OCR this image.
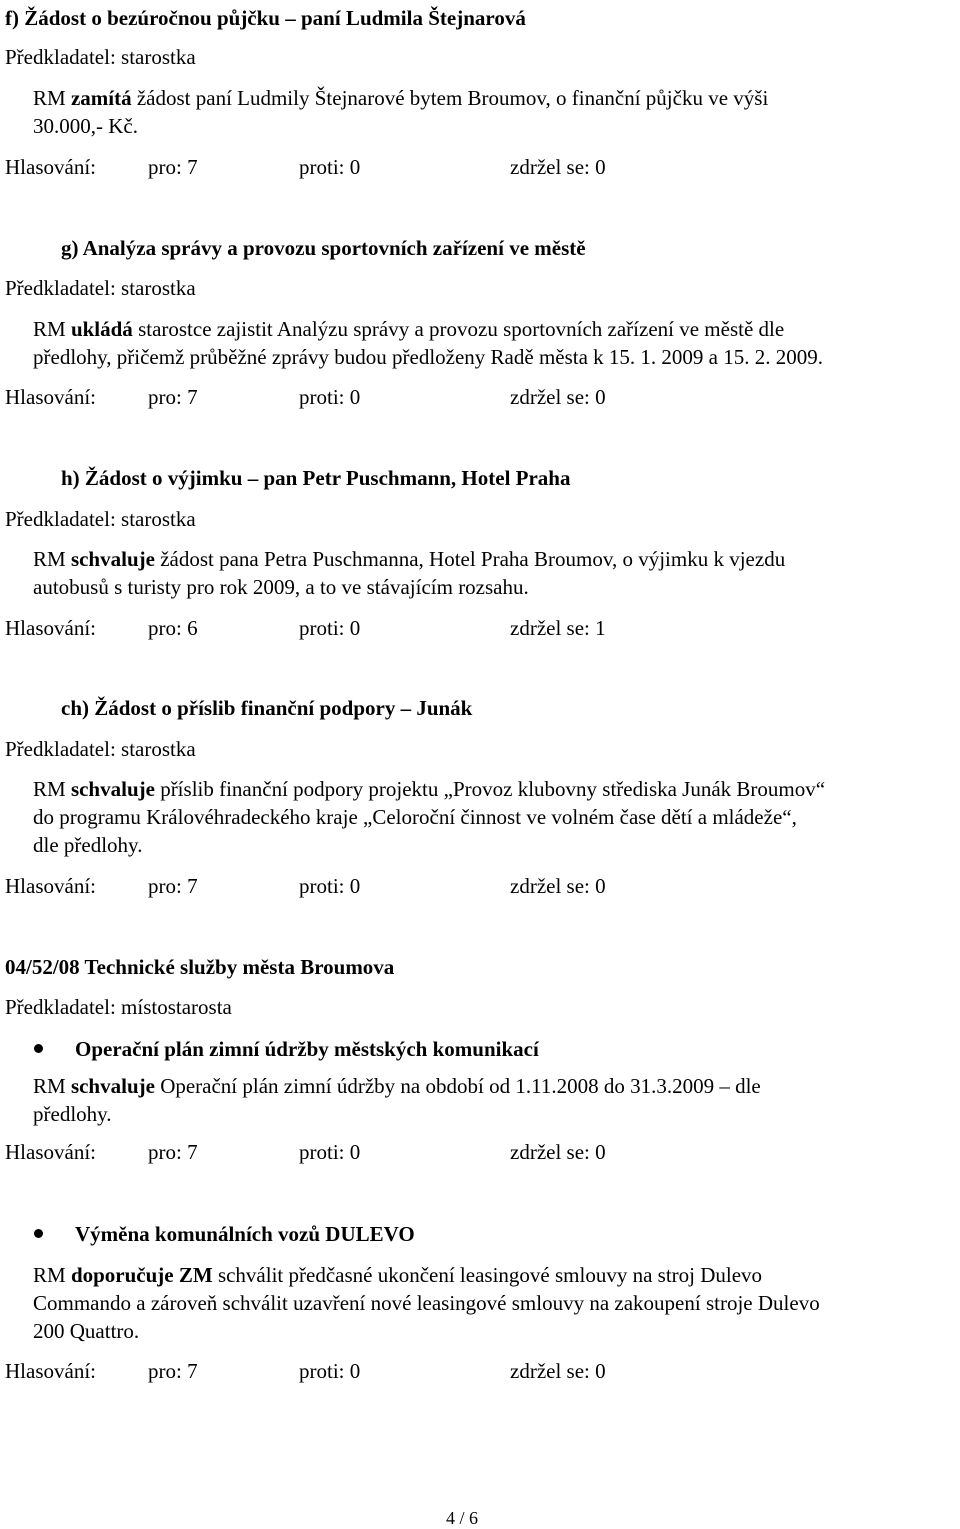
f) Žádost o bezúročnou půjčku – paní Ludmila Štejnarová
Předkladatel: starostka
RM zamítá žádost paní Ludmily Štejnarové bytem Broumov, o finanční půjčku ve výši
30.000,- Kč.
Hlasování: pro: 7	proti: 0	zdržel se: 0
g) Analýza správy a provozu sportovních zařízení ve městě
Předkladatel: starostka
RM ukládá starostce zajistit Analýzu správy a provozu sportovních zařízení ve městě dle
předlohy, přičemž průběžné zprávy budou předloženy Radě města k 15. 1. 2009 a 15. 2. 2009.
Hlasování: pro: 7	proti: 0	zdržel se: 0
h) Žádost o výjimku – pan Petr Puschmann, Hotel Praha
Předkladatel: starostka
RM schvaluje žádost pana Petra Puschmanna, Hotel Praha Broumov, o výjimku k vjezdu
autobusů s turisty pro rok 2009, a to ve stávajícím rozsahu.
Hlasování: pro: 6	proti: 0	zdržel se: 1
ch) Žádost o příslib finanční podpory – Junák
Předkladatel: starostka
RM schvaluje příslib finanční podpory projektu „Provoz klubovny střediska Junák Broumov“
do programu Královéhradeckého kraje „Celoroční činnost ve volném čase dětí a mládeže“,
dle předlohy.
Hlasování: pro: 7	proti: 0	zdržel se: 0
04/52/08 Technické služby města Broumova
Předkladatel: místostarosta
Operační plán zimní údržby městských komunikací
RM schvaluje Operační plán zimní údržby na období od 1.11.2008 do 31.3.2009 – dle
předlohy.
Hlasování: pro: 7	proti: 0	zdržel se: 0
Výměna komunálních vozů DULEVO
RM doporučuje ZM schválit předčasné ukončení leasingové smlouvy na stroj Dulevo
Commando a zároveň schválit uzavření nové leasingové smlouvy na zakoupení stroje Dulevo
200 Quattro.
Hlasování: pro: 7	proti: 0	zdržel se: 0
4 / 6
